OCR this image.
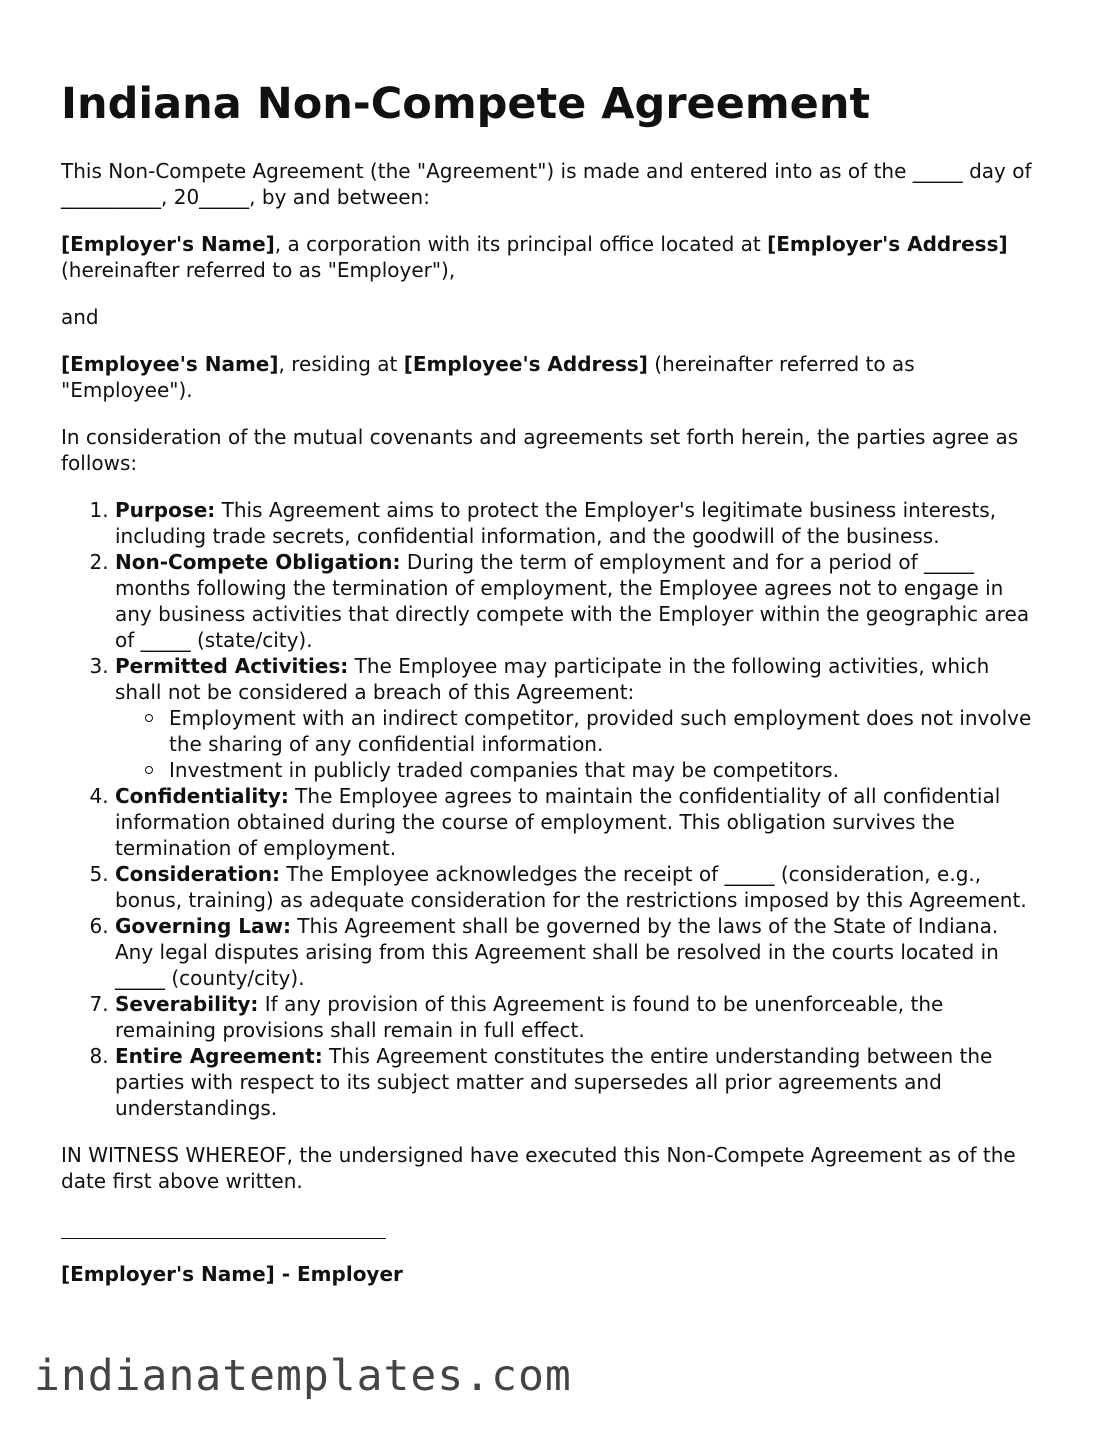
Indiana Non-Compete Agreement

This Non-Compete Agreement (the "Agreement") is made and entered into as of the _____ day of __________, 20_____, by and between:

[Employer's Name], a corporation with its principal office located at [Employer's Address] (hereinafter referred to as "Employer"),

and

[Employee's Name], residing at [Employee's Address] (hereinafter referred to as "Employee").

In consideration of the mutual covenants and agreements set forth herein, the parties agree as follows:

1. Purpose: This Agreement aims to protect the Employer's legitimate business interests, including trade secrets, confidential information, and the goodwill of the business.
2. Non-Compete Obligation: During the term of employment and for a period of _____ months following the termination of employment, the Employee agrees not to engage in any business activities that directly compete with the Employer within the geographic area of _____ (state/city).
3. Permitted Activities: The Employee may participate in the following activities, which shall not be considered a breach of this Agreement:
Employment with an indirect competitor, provided such employment does not involve the sharing of any confidential information.
Investment in publicly traded companies that may be competitors.
4. Confidentiality: The Employee agrees to maintain the confidentiality of all confidential information obtained during the course of employment. This obligation survives the termination of employment.
5. Consideration: The Employee acknowledges the receipt of _____ (consideration, e.g., bonus, training) as adequate consideration for the restrictions imposed by this Agreement.
6. Governing Law: This Agreement shall be governed by the laws of the State of Indiana. Any legal disputes arising from this Agreement shall be resolved in the courts located in _____ (county/city).
7. Severability: If any provision of this Agreement is found to be unenforceable, the remaining provisions shall remain in full effect.
8. Entire Agreement: This Agreement constitutes the entire understanding between the parties with respect to its subject matter and supersedes all prior agreements and understandings.

IN WITNESS WHEREOF, the undersigned have executed this Non-Compete Agreement as of the date first above written.

[Employer's Name] - Employer
indianatemplates.com
